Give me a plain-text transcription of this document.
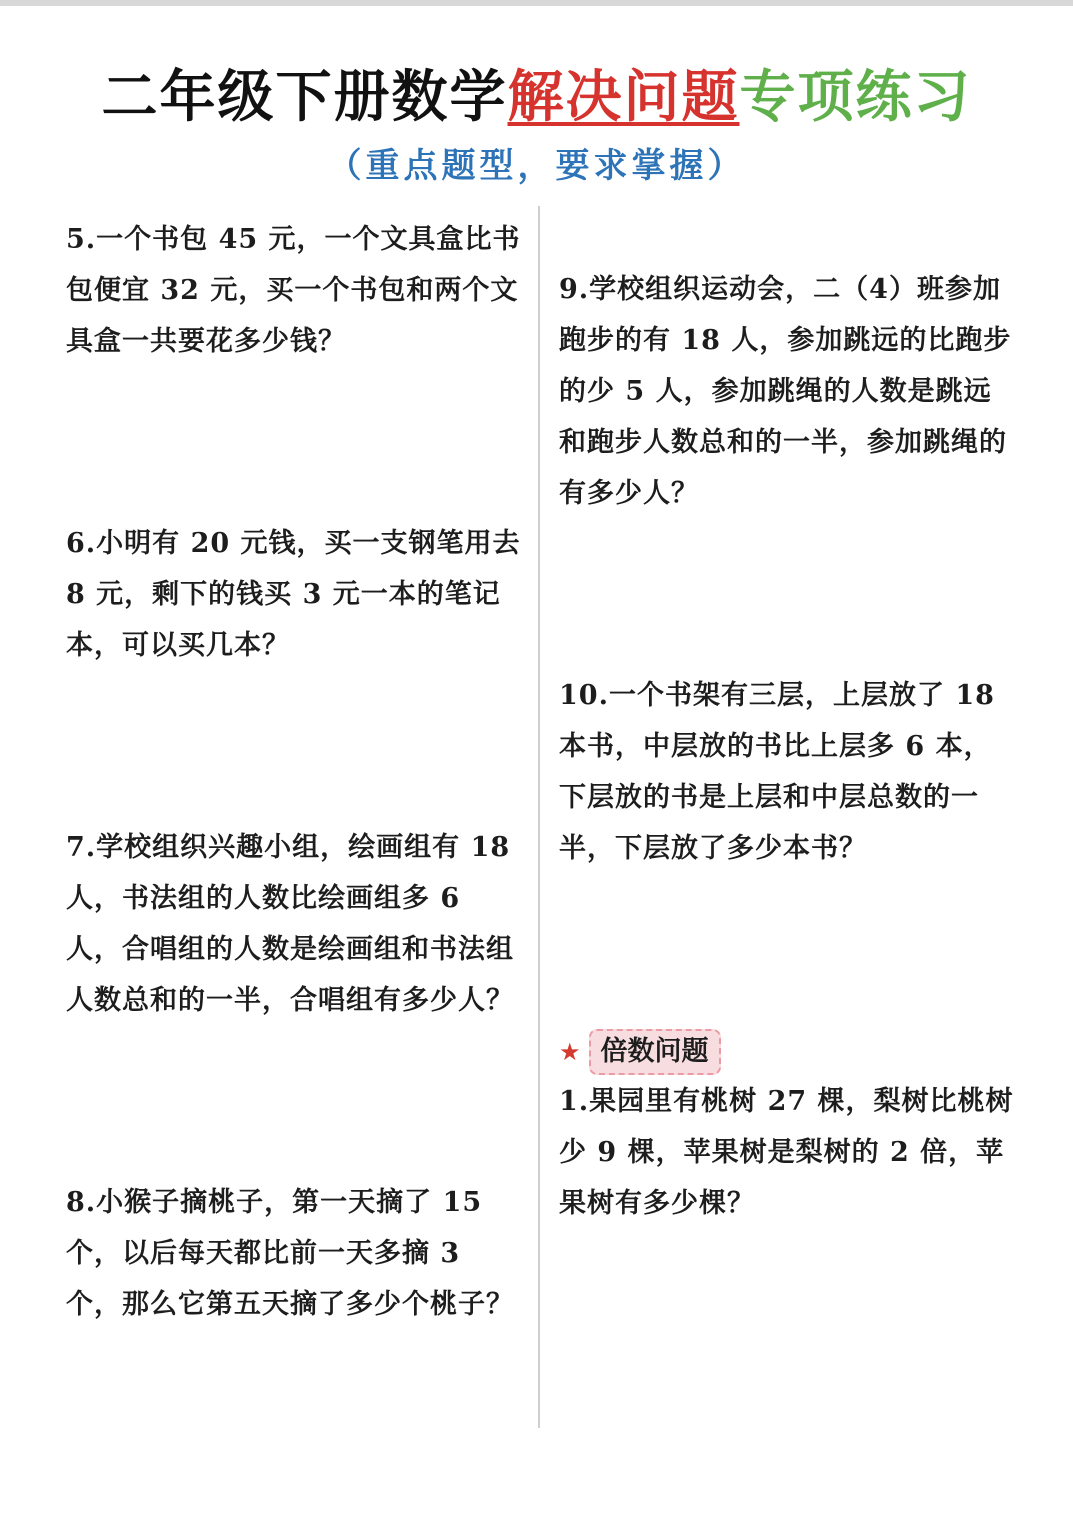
二年级下册数学解决问题专项练习
（重点题型，要求掌握）
5.一个书包 45 元，一个文具盒比书包便宜 32 元，买一个书包和两个文具盒一共要花多少钱？
6.小明有 20 元钱，买一支钢笔用去 8 元，剩下的钱买 3 元一本的笔记本，可以买几本？
7.学校组织兴趣小组，绘画组有 18 人，书法组的人数比绘画组多 6 人，合唱组的人数是绘画组和书法组人数总和的一半，合唱组有多少人？
8.小猴子摘桃子，第一天摘了 15 个，以后每天都比前一天多摘 3 个，那么它第五天摘了多少个桃子？
9.学校组织运动会，二（4）班参加跑步的有 18 人，参加跳远的比跑步的少 5 人，参加跳绳的人数是跳远和跑步人数总和的一半，参加跳绳的有多少人？
10.一个书架有三层，上层放了 18 本书，中层放的书比上层多 6 本，下层放的书是上层和中层总数的一半，下层放了多少本书？
★ 倍数问题
1.果园里有桃树 27 棵，梨树比桃树少 9 棵，苹果树是梨树的 2 倍，苹果树有多少棵？
